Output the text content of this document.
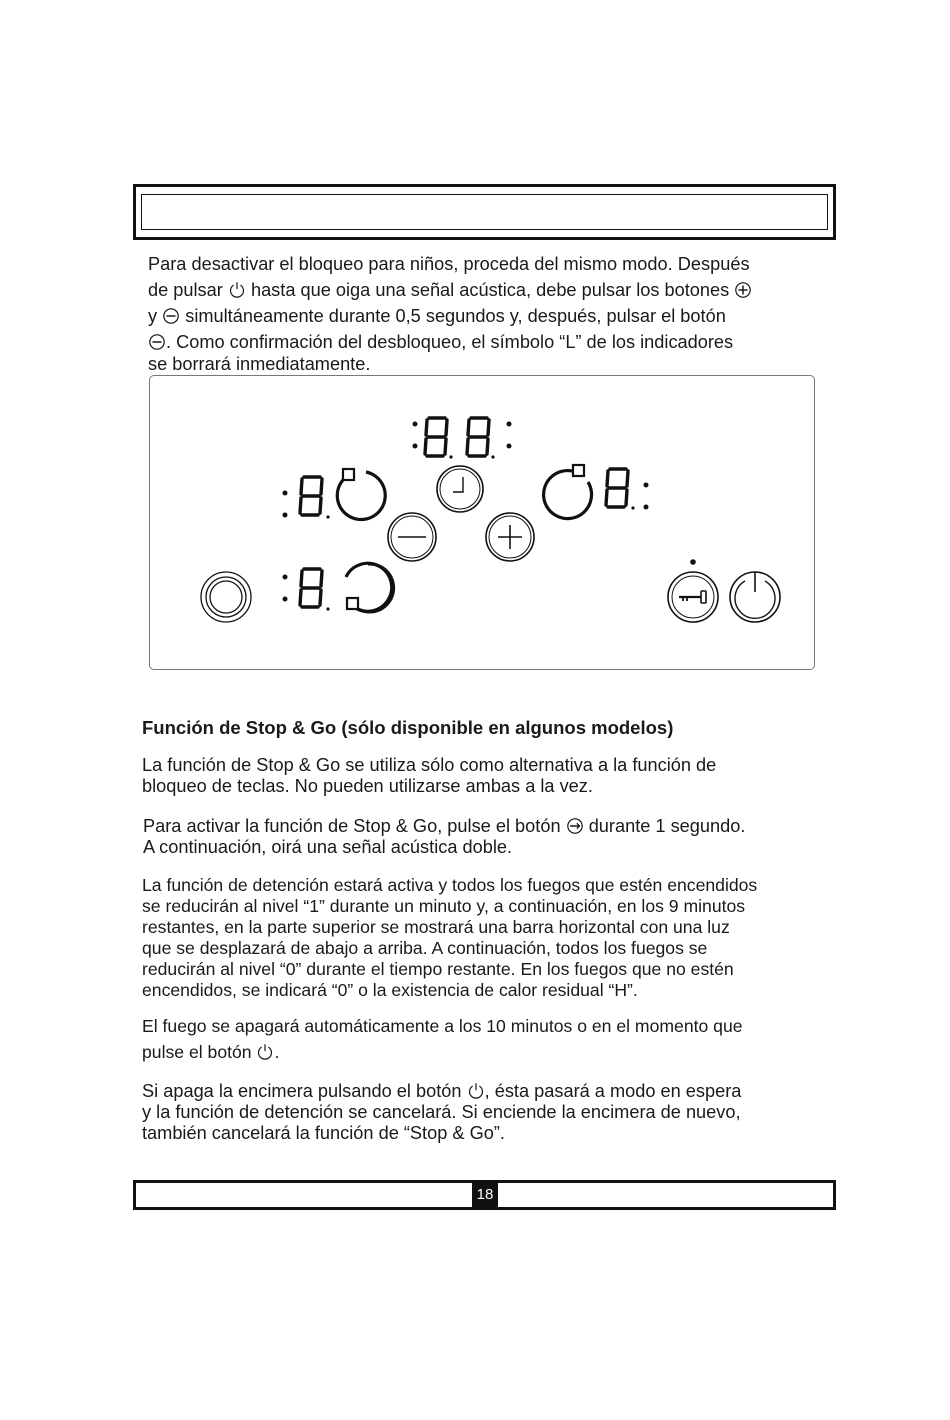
Para desactivar el bloqueo para niños, proceda del mismo modo. Después
de pulsar hasta que oiga una señal acústica, debe pulsar los botones
y simultáneamente durante 0,5 segundos y, después, pulsar el botón
. Como confirmación del desbloqueo, el símbolo “L” de los indicadores
se borrará inmediatamente.
Función de Stop & Go (sólo disponible en algunos modelos)
La función de Stop & Go se utiliza sólo como alternativa a la función de
bloqueo de teclas. No pueden utilizarse ambas a la vez.
Para activar la función de Stop & Go, pulse el botón durante 1 segundo.
A continuación, oirá una señal acústica doble.
La función de detención estará activa y todos los fuegos que estén encendidos
se reducirán al nivel “1” durante un minuto y, a continuación, en los 9 minutos
restantes, en la parte superior se mostrará una barra horizontal con una luz
que se desplazará de abajo a arriba. A continuación, todos los fuegos se
reducirán al nivel “0” durante el tiempo restante. En los fuegos que no estén
encendidos, se indicará “0” o la existencia de calor residual “H”.
El fuego se apagará automáticamente a los 10 minutos o en el momento que
pulse el botón .
Si apaga la encimera pulsando el botón , ésta pasará a modo en espera
y la función de detención se cancelará. Si enciende la encimera de nuevo,
también cancelará la función de “Stop & Go”.
18
